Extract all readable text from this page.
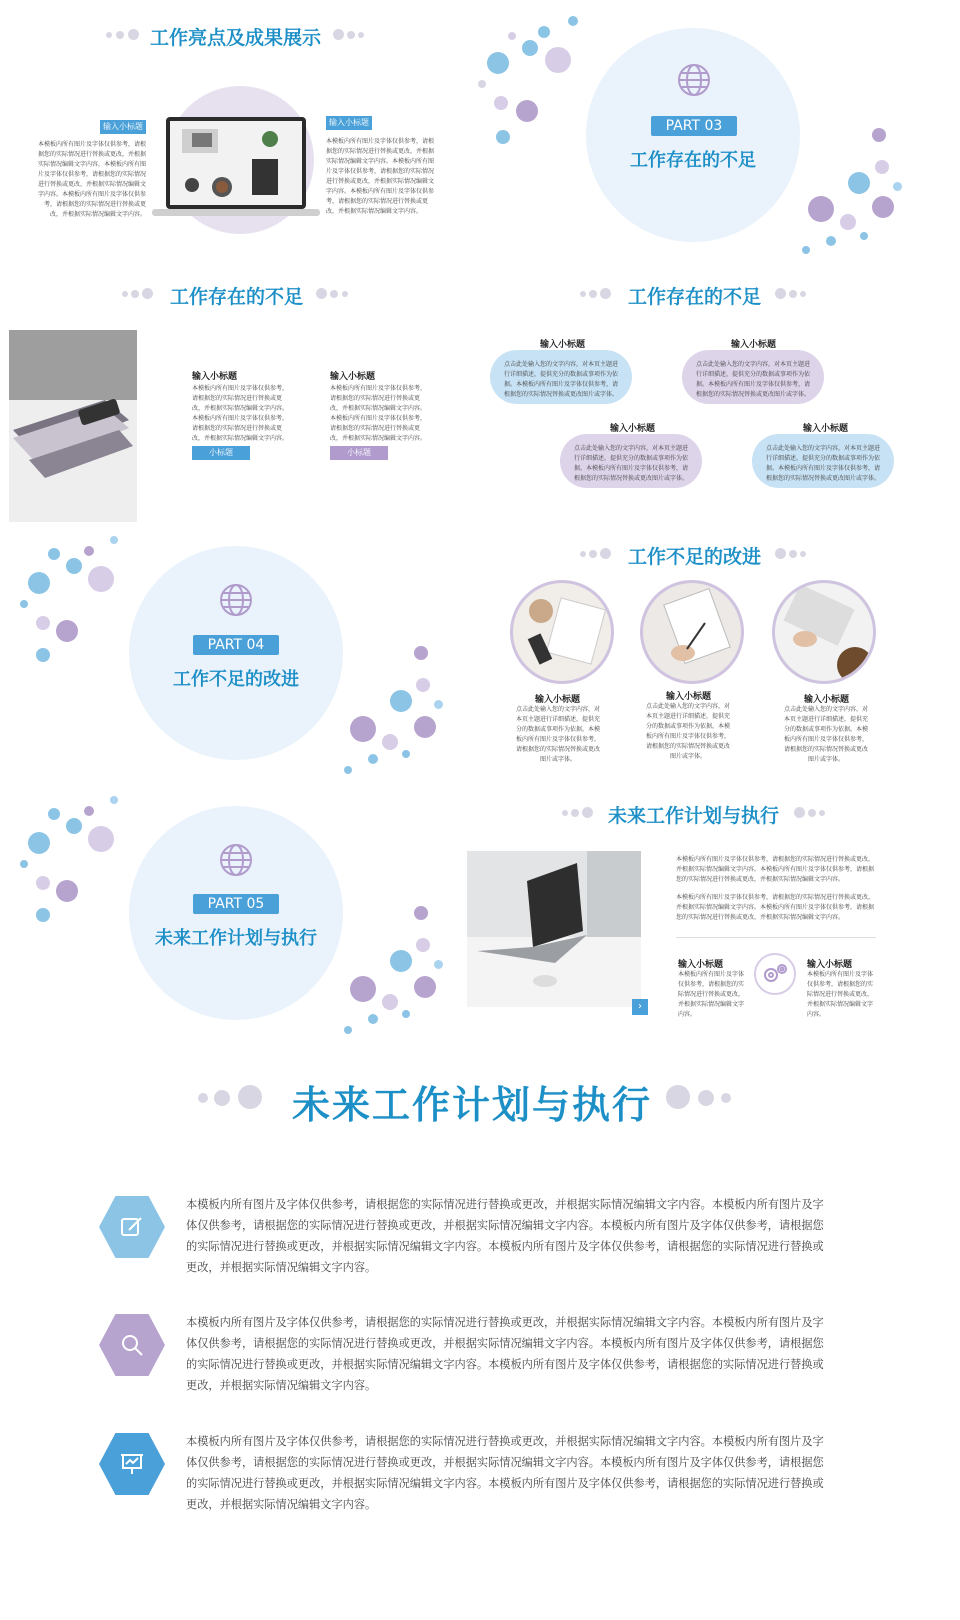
工作亮点及成果展示
输入小标题
本模板内所有图片及字体仅供参考，请根据您的实际情况进行替换或更改，并根据实际情况编辑文字内容，本模板内所有图片及字体仅供参考，请根据您的实际情况进行替换或更改，并根据实际情况编辑文字内容。本模板内所有图片及字体仅供参考，请根据您的实际情况进行替换或更改，并根据实际情况编辑文字内容。
输入小标题
本模板内所有图片及字体仅供参考，请根据您的实际情况进行替换或更改，并根据实际情况编辑文字内容。本模板内所有图片及字体仅供参考，请根据您的实际情况进行替换或更改，并根据实际情况编辑文字内容。本模板内所有图片及字体仅供参考，请根据您的实际情况进行替换或更改，并根据实际情况编辑文字内容。
PART 03
工作存在的不足
工作存在的不足
输入小标题
本模板内所有图片及字体仅供参考，请根据您的实际情况进行替换或更改，并根据实际情况编辑文字内容。
本模板内所有图片及字体仅供参考，请根据您的实际情况进行替换或更改，并根据实际情况编辑文字内容。
小标题
输入小标题
本模板内所有图片及字体仅供参考，请根据您的实际情况进行替换或更改，并根据实际情况编辑文字内容。
本模板内所有图片及字体仅供参考，请根据您的实际情况进行替换或更改，并根据实际情况编辑文字内容。
小标题
工作存在的不足
输入小标题
点击此处输入您的文字内容，对本页主题进行详细描述，提供充分的数据或事项作为依据。本模板内所有图片及字体仅供参考，请根据您的实际情况替换或更改图片或字体。
输入小标题
点击此处输入您的文字内容，对本页主题进行详细描述，提供充分的数据或事项作为依据。本模板内所有图片及字体仅供参考，请根据您的实际情况替换或更改图片或字体。
输入小标题
点击此处输入您的文字内容，对本页主题进行详细描述，提供充分的数据或事项作为依据。本模板内所有图片及字体仅供参考，请根据您的实际情况替换或更改图片或字体。
输入小标题
点击此处输入您的文字内容，对本页主题进行详细描述，提供充分的数据或事项作为依据。本模板内所有图片及字体仅供参考，请根据您的实际情况替换或更改图片或字体。
PART 04
工作不足的改进
工作不足的改进
输入小标题
点击此处输入您的文字内容，对本页主题进行详细描述，提供充分的数据或事项作为依据。本模板内所有图片及字体仅供参考，请根据您的实际情况替换或更改图片或字体。
输入小标题
点击此处输入您的文字内容，对本页主题进行详细描述，提供充分的数据或事项作为依据。本模板内所有图片及字体仅供参考，请根据您的实际情况替换或更改图片或字体。
输入小标题
点击此处输入您的文字内容，对本页主题进行详细描述，提供充分的数据或事项作为依据。本模板内所有图片及字体仅供参考，请根据您的实际情况替换或更改图片或字体。
PART 05
未来工作计划与执行
未来工作计划与执行
›
本模板内所有图片及字体仅供参考，请根据您的实际情况进行替换或更改，并根据实际情况编辑文字内容。本模板内所有图片及字体仅供参考，请根据您的实际情况进行替换或更改，并根据实际情况编辑文字内容。
本模板内所有图片及字体仅供参考，请根据您的实际情况进行替换或更改，并根据实际情况编辑文字内容。本模板内所有图片及字体仅供参考，请根据您的实际情况进行替换或更改，并根据实际情况编辑文字内容。
输入小标题
本模板内所有图片及字体仅供参考，请根据您的实际情况进行替换或更改，并根据实际情况编辑文字内容。
输入小标题
本模板内所有图片及字体仅供参考，请根据您的实际情况进行替换或更改，并根据实际情况编辑文字内容。
未来工作计划与执行
本模板内所有图片及字体仅供参考，请根据您的实际情况进行替换或更改，并根据实际情况编辑文字内容。本模板内所有图片及字体仅供参考，请根据您的实际情况进行替换或更改，并根据实际情况编辑文字内容。本模板内所有图片及字体仅供参考，请根据您的实际情况进行替换或更改，并根据实际情况编辑文字内容。本模板内所有图片及字体仅供参考，请根据您的实际情况进行替换或更改，并根据实际情况编辑文字内容。
本模板内所有图片及字体仅供参考，请根据您的实际情况进行替换或更改，并根据实际情况编辑文字内容。本模板内所有图片及字体仅供参考，请根据您的实际情况进行替换或更改，并根据实际情况编辑文字内容。本模板内所有图片及字体仅供参考，请根据您的实际情况进行替换或更改，并根据实际情况编辑文字内容。本模板内所有图片及字体仅供参考，请根据您的实际情况进行替换或更改，并根据实际情况编辑文字内容。
本模板内所有图片及字体仅供参考，请根据您的实际情况进行替换或更改，并根据实际情况编辑文字内容。本模板内所有图片及字体仅供参考，请根据您的实际情况进行替换或更改，并根据实际情况编辑文字内容。本模板内所有图片及字体仅供参考，请根据您的实际情况进行替换或更改，并根据实际情况编辑文字内容。本模板内所有图片及字体仅供参考，请根据您的实际情况进行替换或更改，并根据实际情况编辑文字内容。
